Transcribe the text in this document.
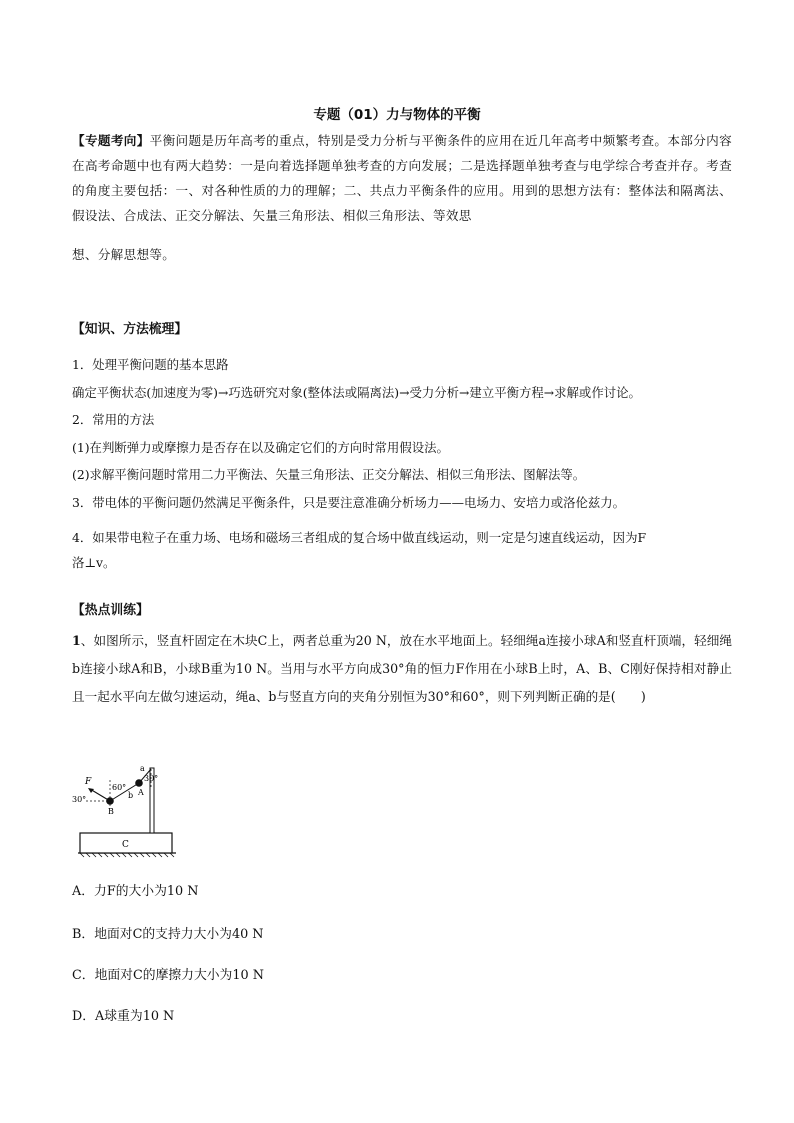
专题（01）力与物体的平衡
【专题考向】平衡问题是历年高考的重点，特别是受力分析与平衡条件的应用在近几年高考中频繁考查。本部分内容在高考命题中也有两大趋势：一是向着选择题单独考查的方向发展；二是选择题单独考查与电学综合考查并存。考查的角度主要包括：一、对各种性质的力的理解；二、共点力平衡条件的应用。用到的思想方法有：整体法和隔离法、假设法、合成法、正交分解法、矢量三角形法、相似三角形法、等效思
想、分解思想等。
【知识、方法梳理】
1．处理平衡问题的基本思路
确定平衡状态(加速度为零)→巧选研究对象(整体法或隔离法)→受力分析→建立平衡方程→求解或作讨论。
2．常用的方法
(1)在判断弹力或摩擦力是否存在以及确定它们的方向时常用假设法。
(2)求解平衡问题时常用二力平衡法、矢量三角形法、正交分解法、相似三角形法、图解法等。
3．带电体的平衡问题仍然满足平衡条件，只是要注意准确分析场力——电场力、安培力或洛伦兹力。
4．如果带电粒子在重力场、电场和磁场三者组成的复合场中做直线运动，则一定是匀速直线运动，因为F
洛⊥v。
【热点训练】
1、如图所示，竖直杆固定在木块C上，两者总重为20 N，放在水平地面上。轻细绳a连接小球A和竖直杆顶端，轻细绳b连接小球A和B，小球B重为10 N。当用与水平方向成30°角的恒力F作用在小球B上时，A、B、C刚好保持相对静止且一起水平向左做匀速运动，绳a、b与竖直方向的夹角分别恒为30°和60°，则下列判断正确的是(　　)
C
F
30°
60°
30°
a
b A
B
A．力F的大小为10 N
B．地面对C的支持力大小为40 N
C．地面对C的摩擦力大小为10 N
D．A球重为10 N
